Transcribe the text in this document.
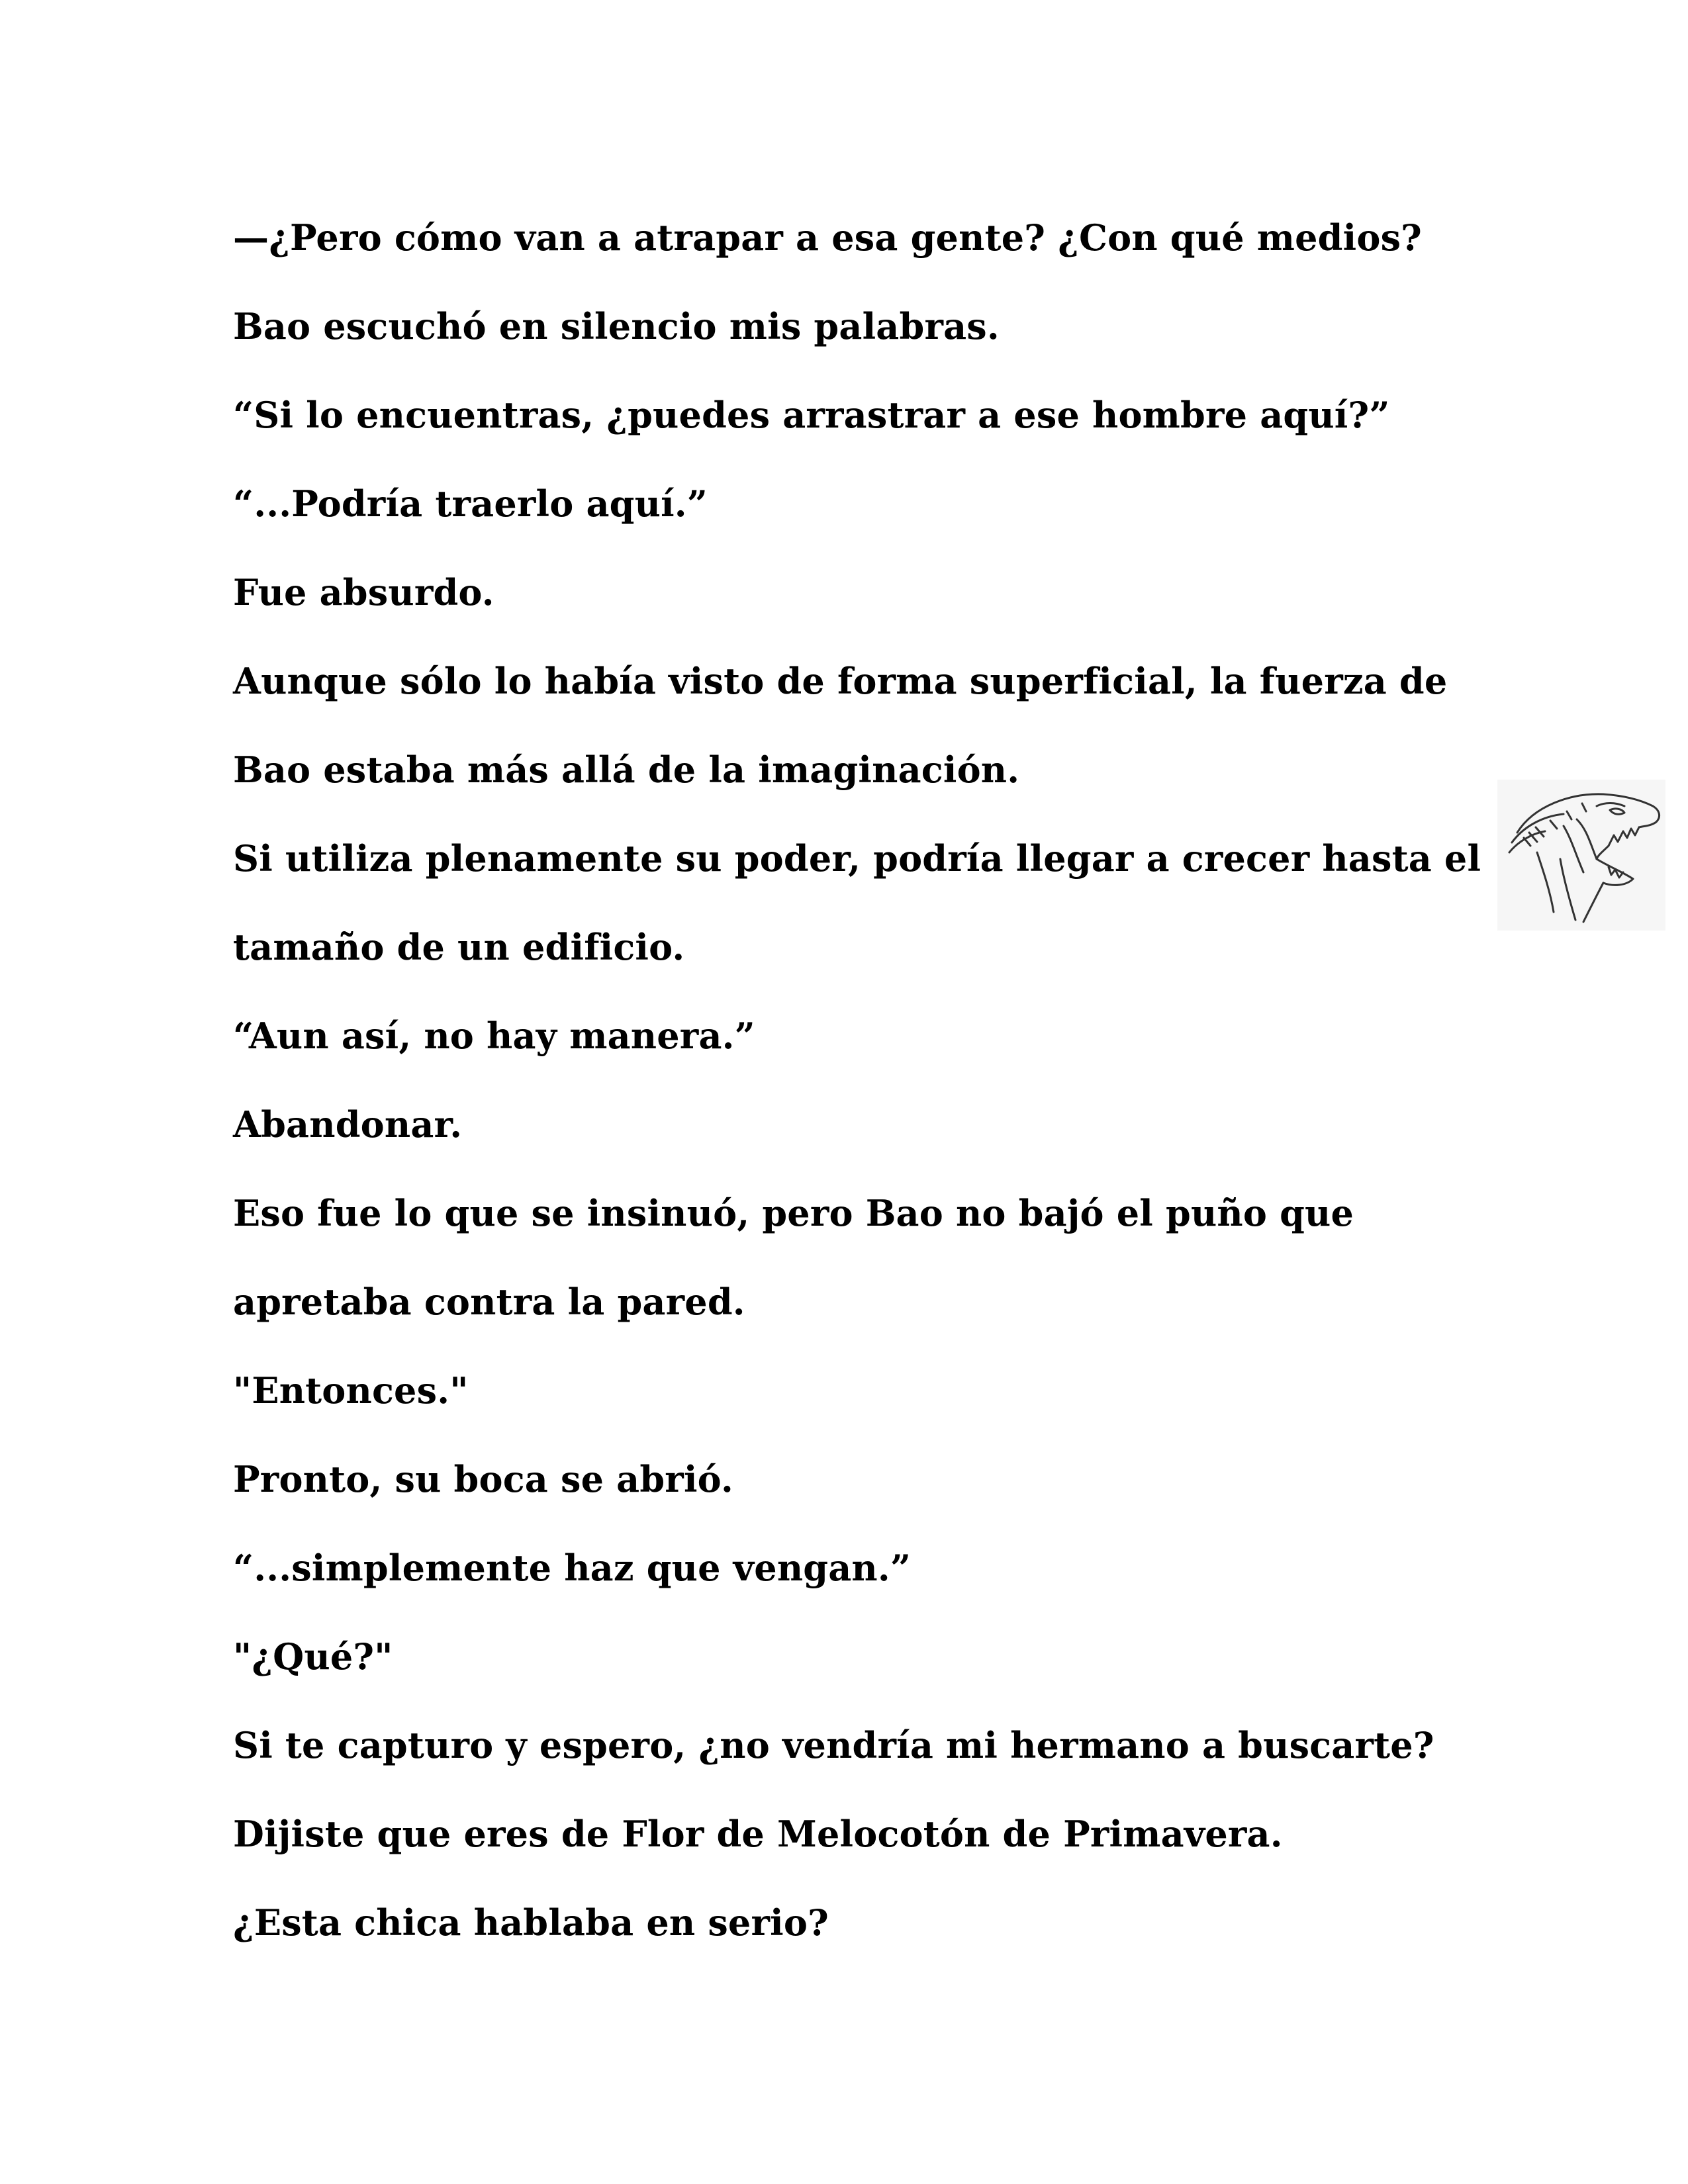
—¿Pero cómo van a atrapar a esa gente? ¿Con qué medios?
Bao escuchó en silencio mis palabras.
“Si lo encuentras, ¿puedes arrastrar a ese hombre aquí?”
“...Podría traerlo aquí.”
Fue absurdo.
Aunque sólo lo había visto de forma superficial, la fuerza de
Bao estaba más allá de la imaginación.
Si utiliza plenamente su poder, podría llegar a crecer hasta el
tamaño de un edificio.
“Aun así, no hay manera.”
Abandonar.
Eso fue lo que se insinuó, pero Bao no bajó el puño que
apretaba contra la pared.
"Entonces."
Pronto, su boca se abrió.
“...simplemente haz que vengan.”
"¿Qué?"
Si te capturo y espero, ¿no vendría mi hermano a buscarte?
Dijiste que eres de Flor de Melocotón de Primavera.
¿Esta chica hablaba en serio?
